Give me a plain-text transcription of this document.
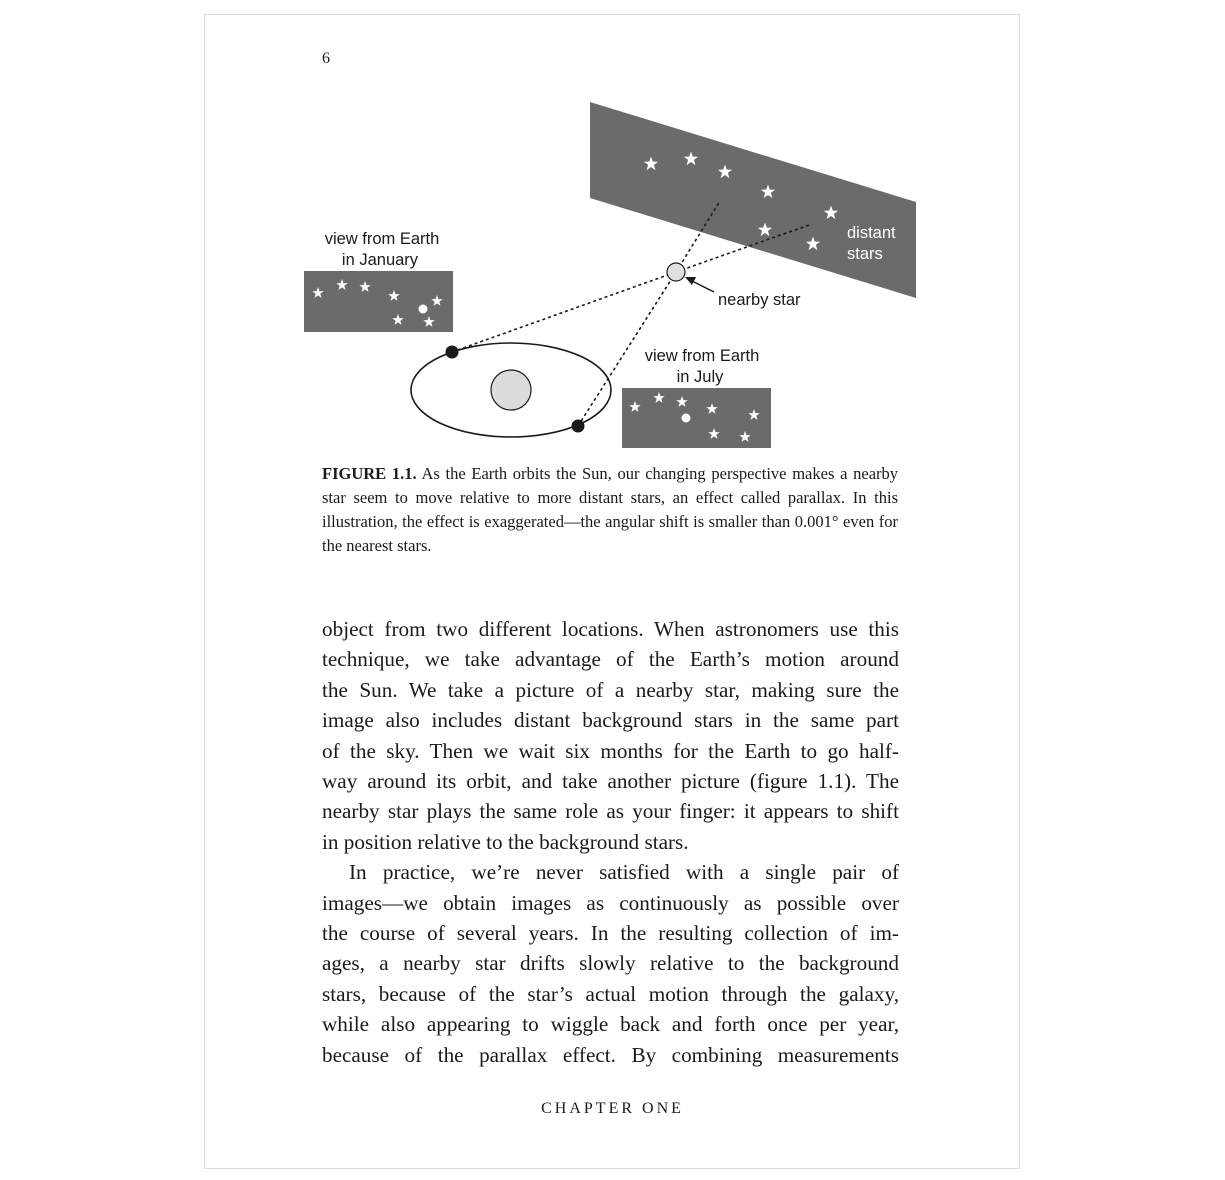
6
distant
stars
view from Earth
in January
nearby star
view from Earth
in July

FIGURE 1.1. As the Earth orbits the Sun, our changing perspective makes a nearby star seem to move relative to more distant stars, an effect called parallax. In this illustration, the effect is exaggerated—the angular shift is smaller than 0.001° even for the nearest stars.

object from two different locations. When astronomers use this
technique, we take advantage of the Earth’s motion around
the Sun. We take a picture of a nearby star, making sure the
image also includes distant background stars in the same part
of the sky. Then we wait six months for the Earth to go half-
way around its orbit, and take another picture (figure 1.1). The
nearby star plays the same role as your finger: it appears to shift
in position relative to the background stars.

In practice, we’re never satisfied with a single pair of
images—we obtain images as continuously as possible over
the course of several years. In the resulting collection of im-
ages, a nearby star drifts slowly relative to the background
stars, because of the star’s actual motion through the galaxy,
while also appearing to wiggle back and forth once per year,
because of the parallax effect. By combining measurements

CHAPTER ONE
